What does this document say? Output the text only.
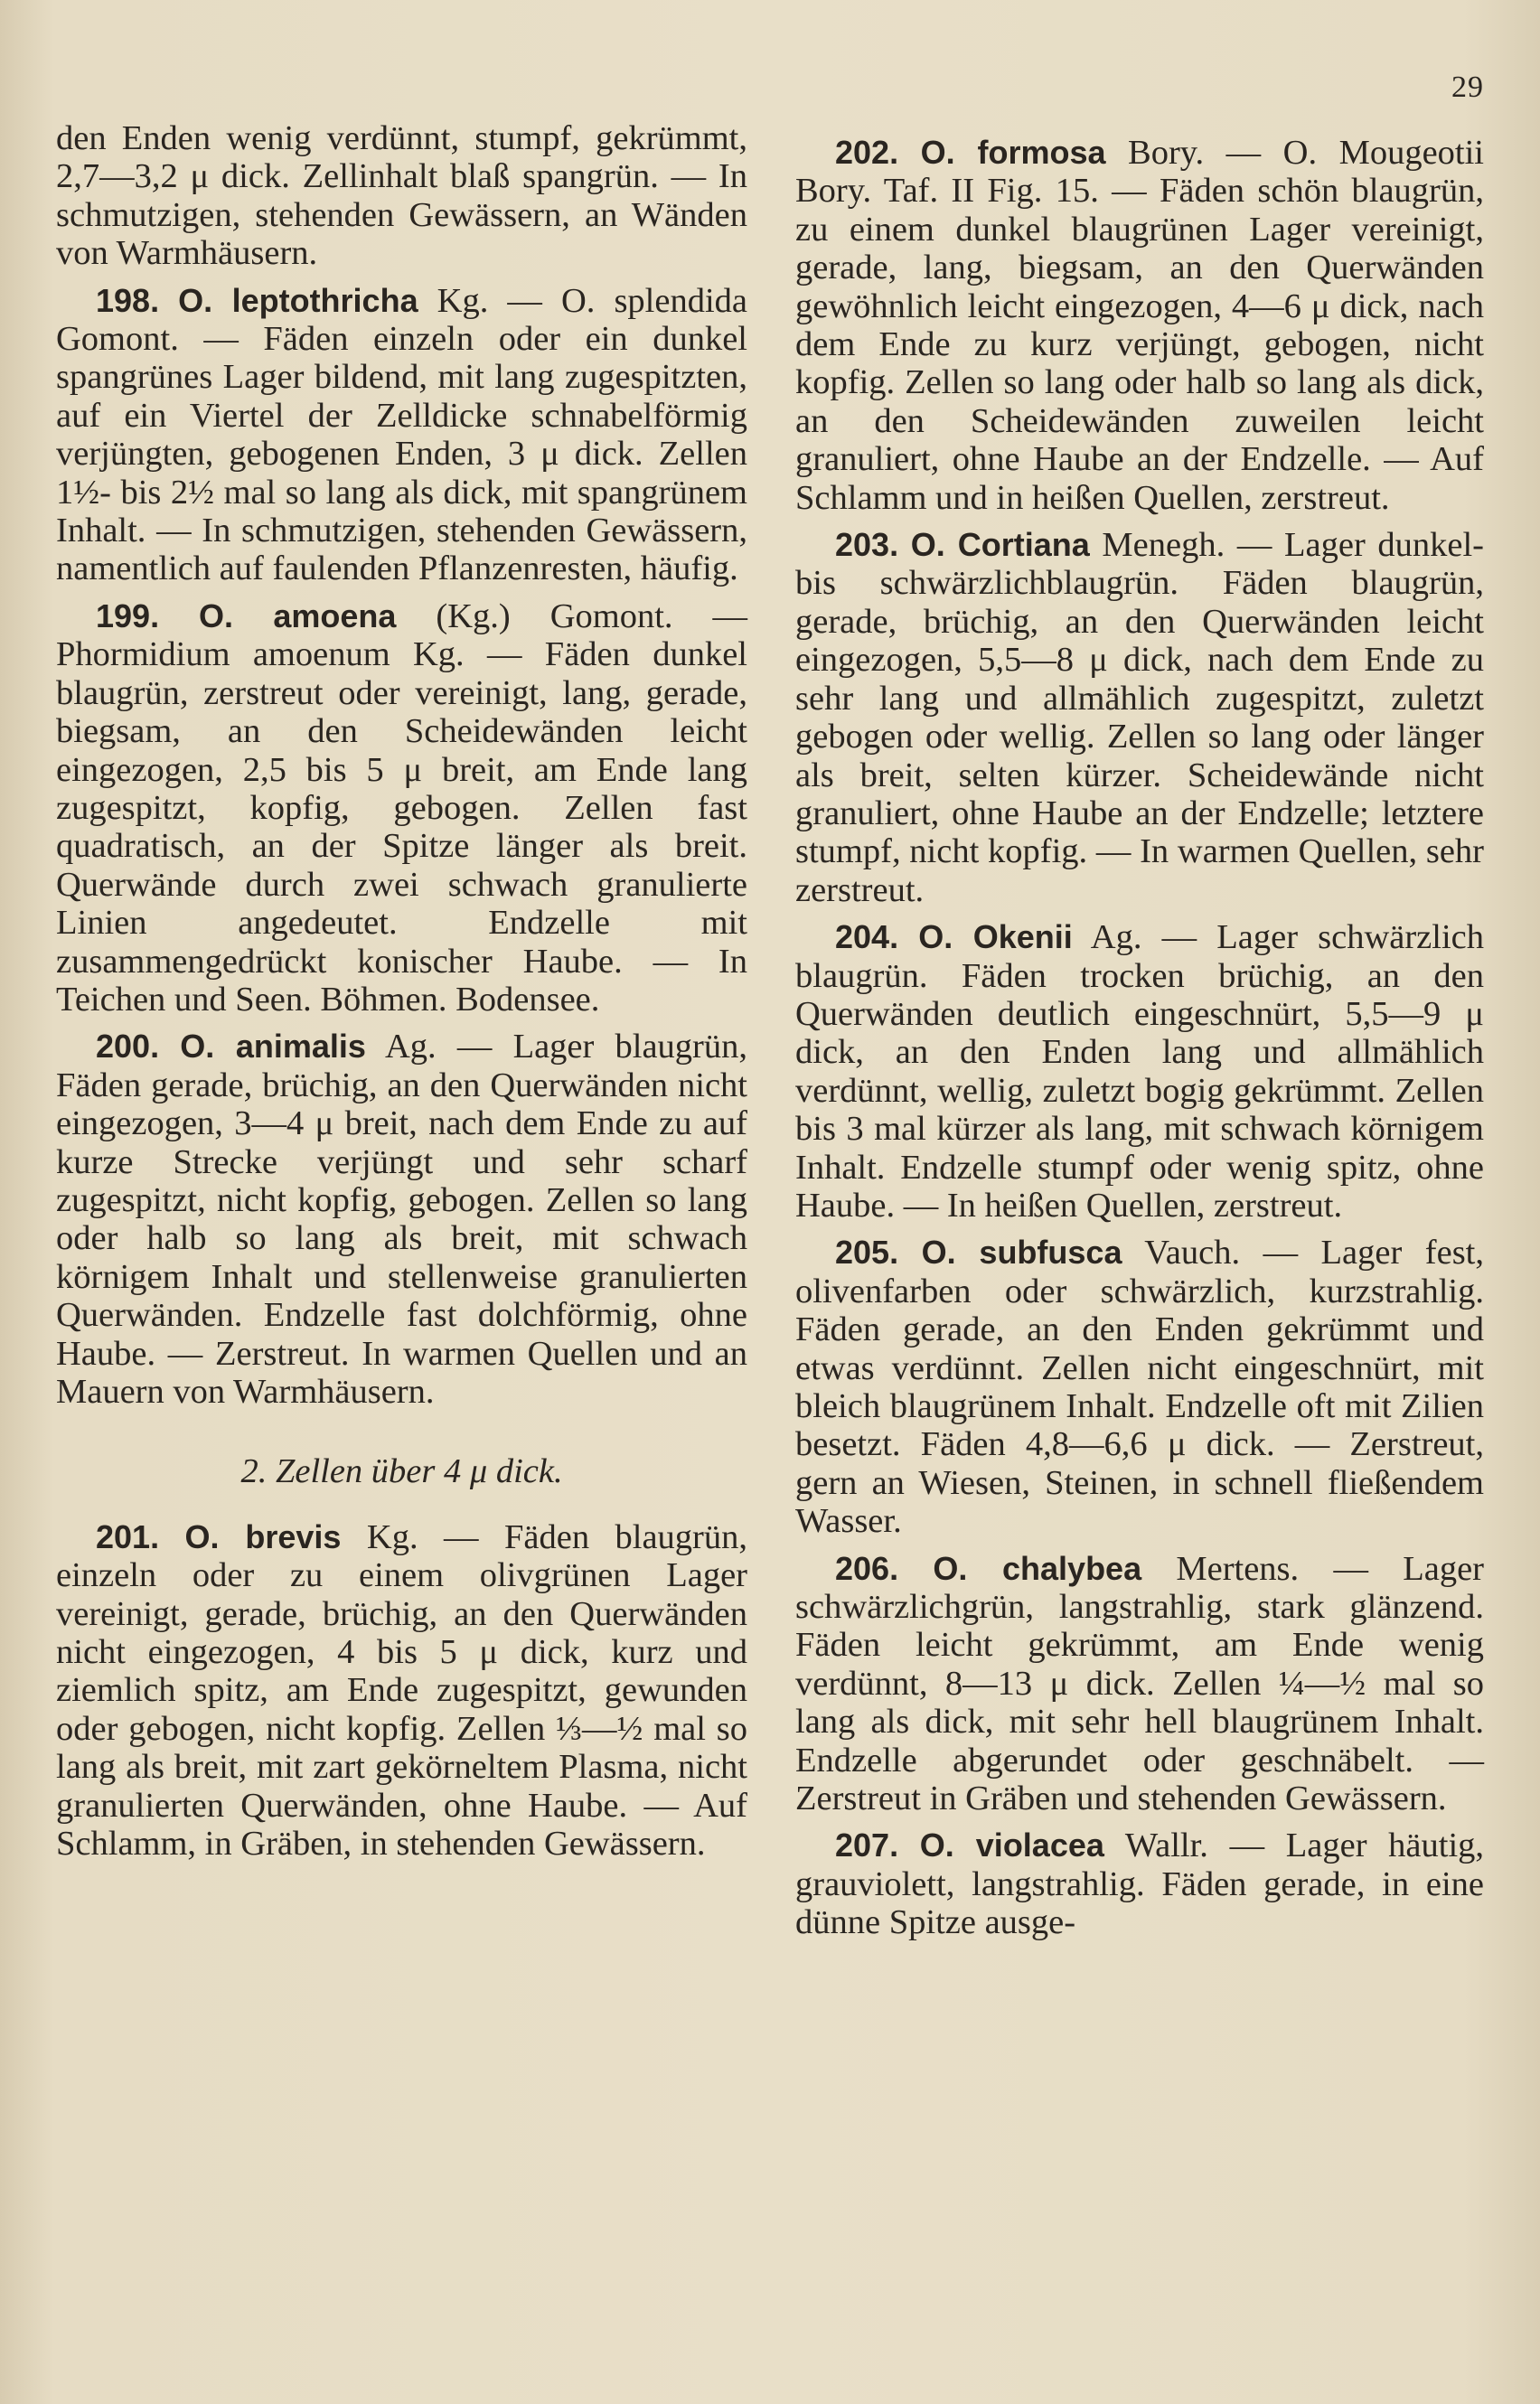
29

den Enden wenig verdünnt, stumpf, gekrümmt, 2,7—3,2 μ dick. Zellinhalt blaß spangrün. — In schmutzigen, stehenden Gewässern, an Wänden von Warmhäusern.

198. O. leptothricha Kg. — O. splendida Gomont. — Fäden einzeln oder ein dunkel spangrünes Lager bildend, mit lang zugespitzten, auf ein Viertel der Zelldicke schnabelförmig verjüngten, gebogenen Enden, 3 μ dick. Zellen 1½- bis 2½ mal so lang als dick, mit spangrünem Inhalt. — In schmutzigen, stehenden Gewässern, namentlich auf faulenden Pflanzenresten, häufig.

199. O. amoena (Kg.) Gomont. — Phormidium amoenum Kg. — Fäden dunkel blaugrün, zerstreut oder vereinigt, lang, gerade, biegsam, an den Scheidewänden leicht eingezogen, 2,5 bis 5 μ breit, am Ende lang zugespitzt, kopfig, gebogen. Zellen fast quadratisch, an der Spitze länger als breit. Querwände durch zwei schwach granulierte Linien angedeutet. Endzelle mit zusammengedrückt konischer Haube. — In Teichen und Seen. Böhmen. Bodensee.

200. O. animalis Ag. — Lager blaugrün, Fäden gerade, brüchig, an den Querwänden nicht eingezogen, 3—4 μ breit, nach dem Ende zu auf kurze Strecke verjüngt und sehr scharf zugespitzt, nicht kopfig, gebogen. Zellen so lang oder halb so lang als breit, mit schwach körnigem Inhalt und stellenweise granulierten Querwänden. Endzelle fast dolchförmig, ohne Haube. — Zerstreut. In warmen Quellen und an Mauern von Warmhäusern.

2. Zellen über 4 μ dick.

201. O. brevis Kg. — Fäden blaugrün, einzeln oder zu einem olivgrünen Lager vereinigt, gerade, brüchig, an den Querwänden nicht eingezogen, 4 bis 5 μ dick, kurz und ziemlich spitz, am Ende zugespitzt, gewunden oder gebogen, nicht kopfig. Zellen ⅓—½ mal so lang als breit, mit zart gekörneltem Plasma, nicht granulierten Querwänden, ohne Haube. — Auf Schlamm, in Gräben, in stehenden Gewässern.

202. O. formosa Bory. — O. Mougeotii Bory. Taf. II Fig. 15. — Fäden schön blaugrün, zu einem dunkel blaugrünen Lager vereinigt, gerade, lang, biegsam, an den Querwänden gewöhnlich leicht eingezogen, 4—6 μ dick, nach dem Ende zu kurz verjüngt, gebogen, nicht kopfig. Zellen so lang oder halb so lang als dick, an den Scheidewänden zuweilen leicht granuliert, ohne Haube an der Endzelle. — Auf Schlamm und in heißen Quellen, zerstreut.

203. O. Cortiana Menegh. — Lager dunkel- bis schwärzlichblaugrün. Fäden blaugrün, gerade, brüchig, an den Querwänden leicht eingezogen, 5,5—8 μ dick, nach dem Ende zu sehr lang und allmählich zugespitzt, zuletzt gebogen oder wellig. Zellen so lang oder länger als breit, selten kürzer. Scheidewände nicht granuliert, ohne Haube an der Endzelle; letztere stumpf, nicht kopfig. — In warmen Quellen, sehr zerstreut.

204. O. Okenii Ag. — Lager schwärzlich blaugrün. Fäden trocken brüchig, an den Querwänden deutlich eingeschnürt, 5,5—9 μ dick, an den Enden lang und allmählich verdünnt, wellig, zuletzt bogig gekrümmt. Zellen bis 3 mal kürzer als lang, mit schwach körnigem Inhalt. Endzelle stumpf oder wenig spitz, ohne Haube. — In heißen Quellen, zerstreut.

205. O. subfusca Vauch. — Lager fest, olivenfarben oder schwärzlich, kurzstrahlig. Fäden gerade, an den Enden gekrümmt und etwas verdünnt. Zellen nicht eingeschnürt, mit bleich blaugrünem Inhalt. Endzelle oft mit Zilien besetzt. Fäden 4,8—6,6 μ dick. — Zerstreut, gern an Wiesen, Steinen, in schnell fließendem Wasser.

206. O. chalybea Mertens. — Lager schwärzlichgrün, langstrahlig, stark glänzend. Fäden leicht gekrümmt, am Ende wenig verdünnt, 8—13 μ dick. Zellen ¼—½ mal so lang als dick, mit sehr hell blaugrünem Inhalt. Endzelle abgerundet oder geschnäbelt. — Zerstreut in Gräben und stehenden Gewässern.

207. O. violacea Wallr. — Lager häutig, grauviolett, langstrahlig. Fäden gerade, in eine dünne Spitze ausge-
